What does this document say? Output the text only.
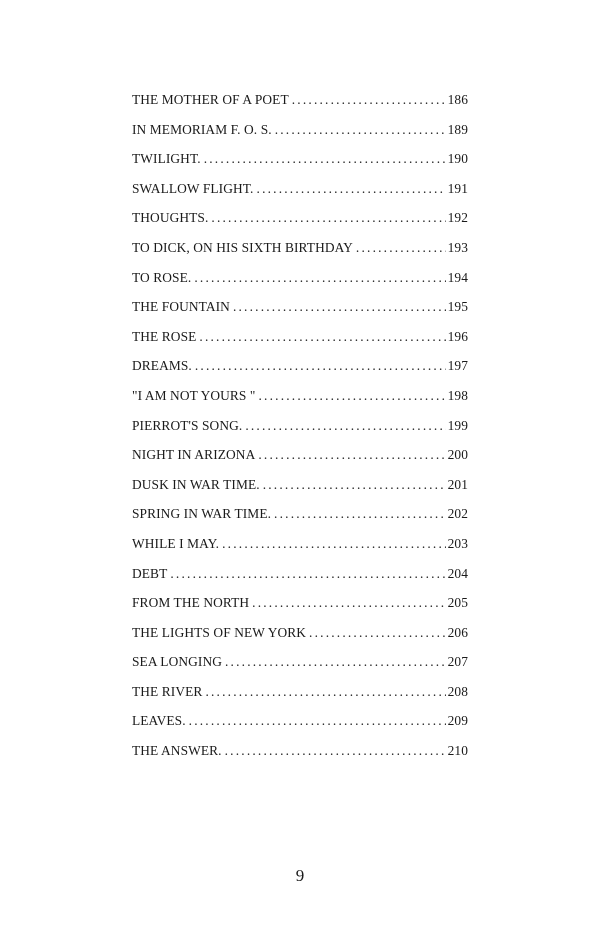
THE MOTHER OF A POET .....	186
IN MEMORIAM F. O. S. .....	189
TWILIGHT. .....	190
SWALLOW FLIGHT. .....	191
THOUGHTS. .....	192
TO DICK, ON HIS SIXTH BIRTHDAY .....	193
TO ROSE. .....	194
THE FOUNTAIN .....	195
THE ROSE .....	196
DREAMS. .....	197
"I AM NOT YOURS " .....	198
PIERROT'S SONG. .....	199
NIGHT IN ARIZONA .....	200
DUSK IN WAR TIME. .....	201
SPRING IN WAR TIME. .....	202
WHILE I MAY. .....	203
DEBT .....	204
FROM THE NORTH .....	205
THE LIGHTS OF NEW YORK .....	206
SEA LONGING .....	207
THE RIVER .....	208
LEAVES. .....	209
THE ANSWER. .....	210
9
